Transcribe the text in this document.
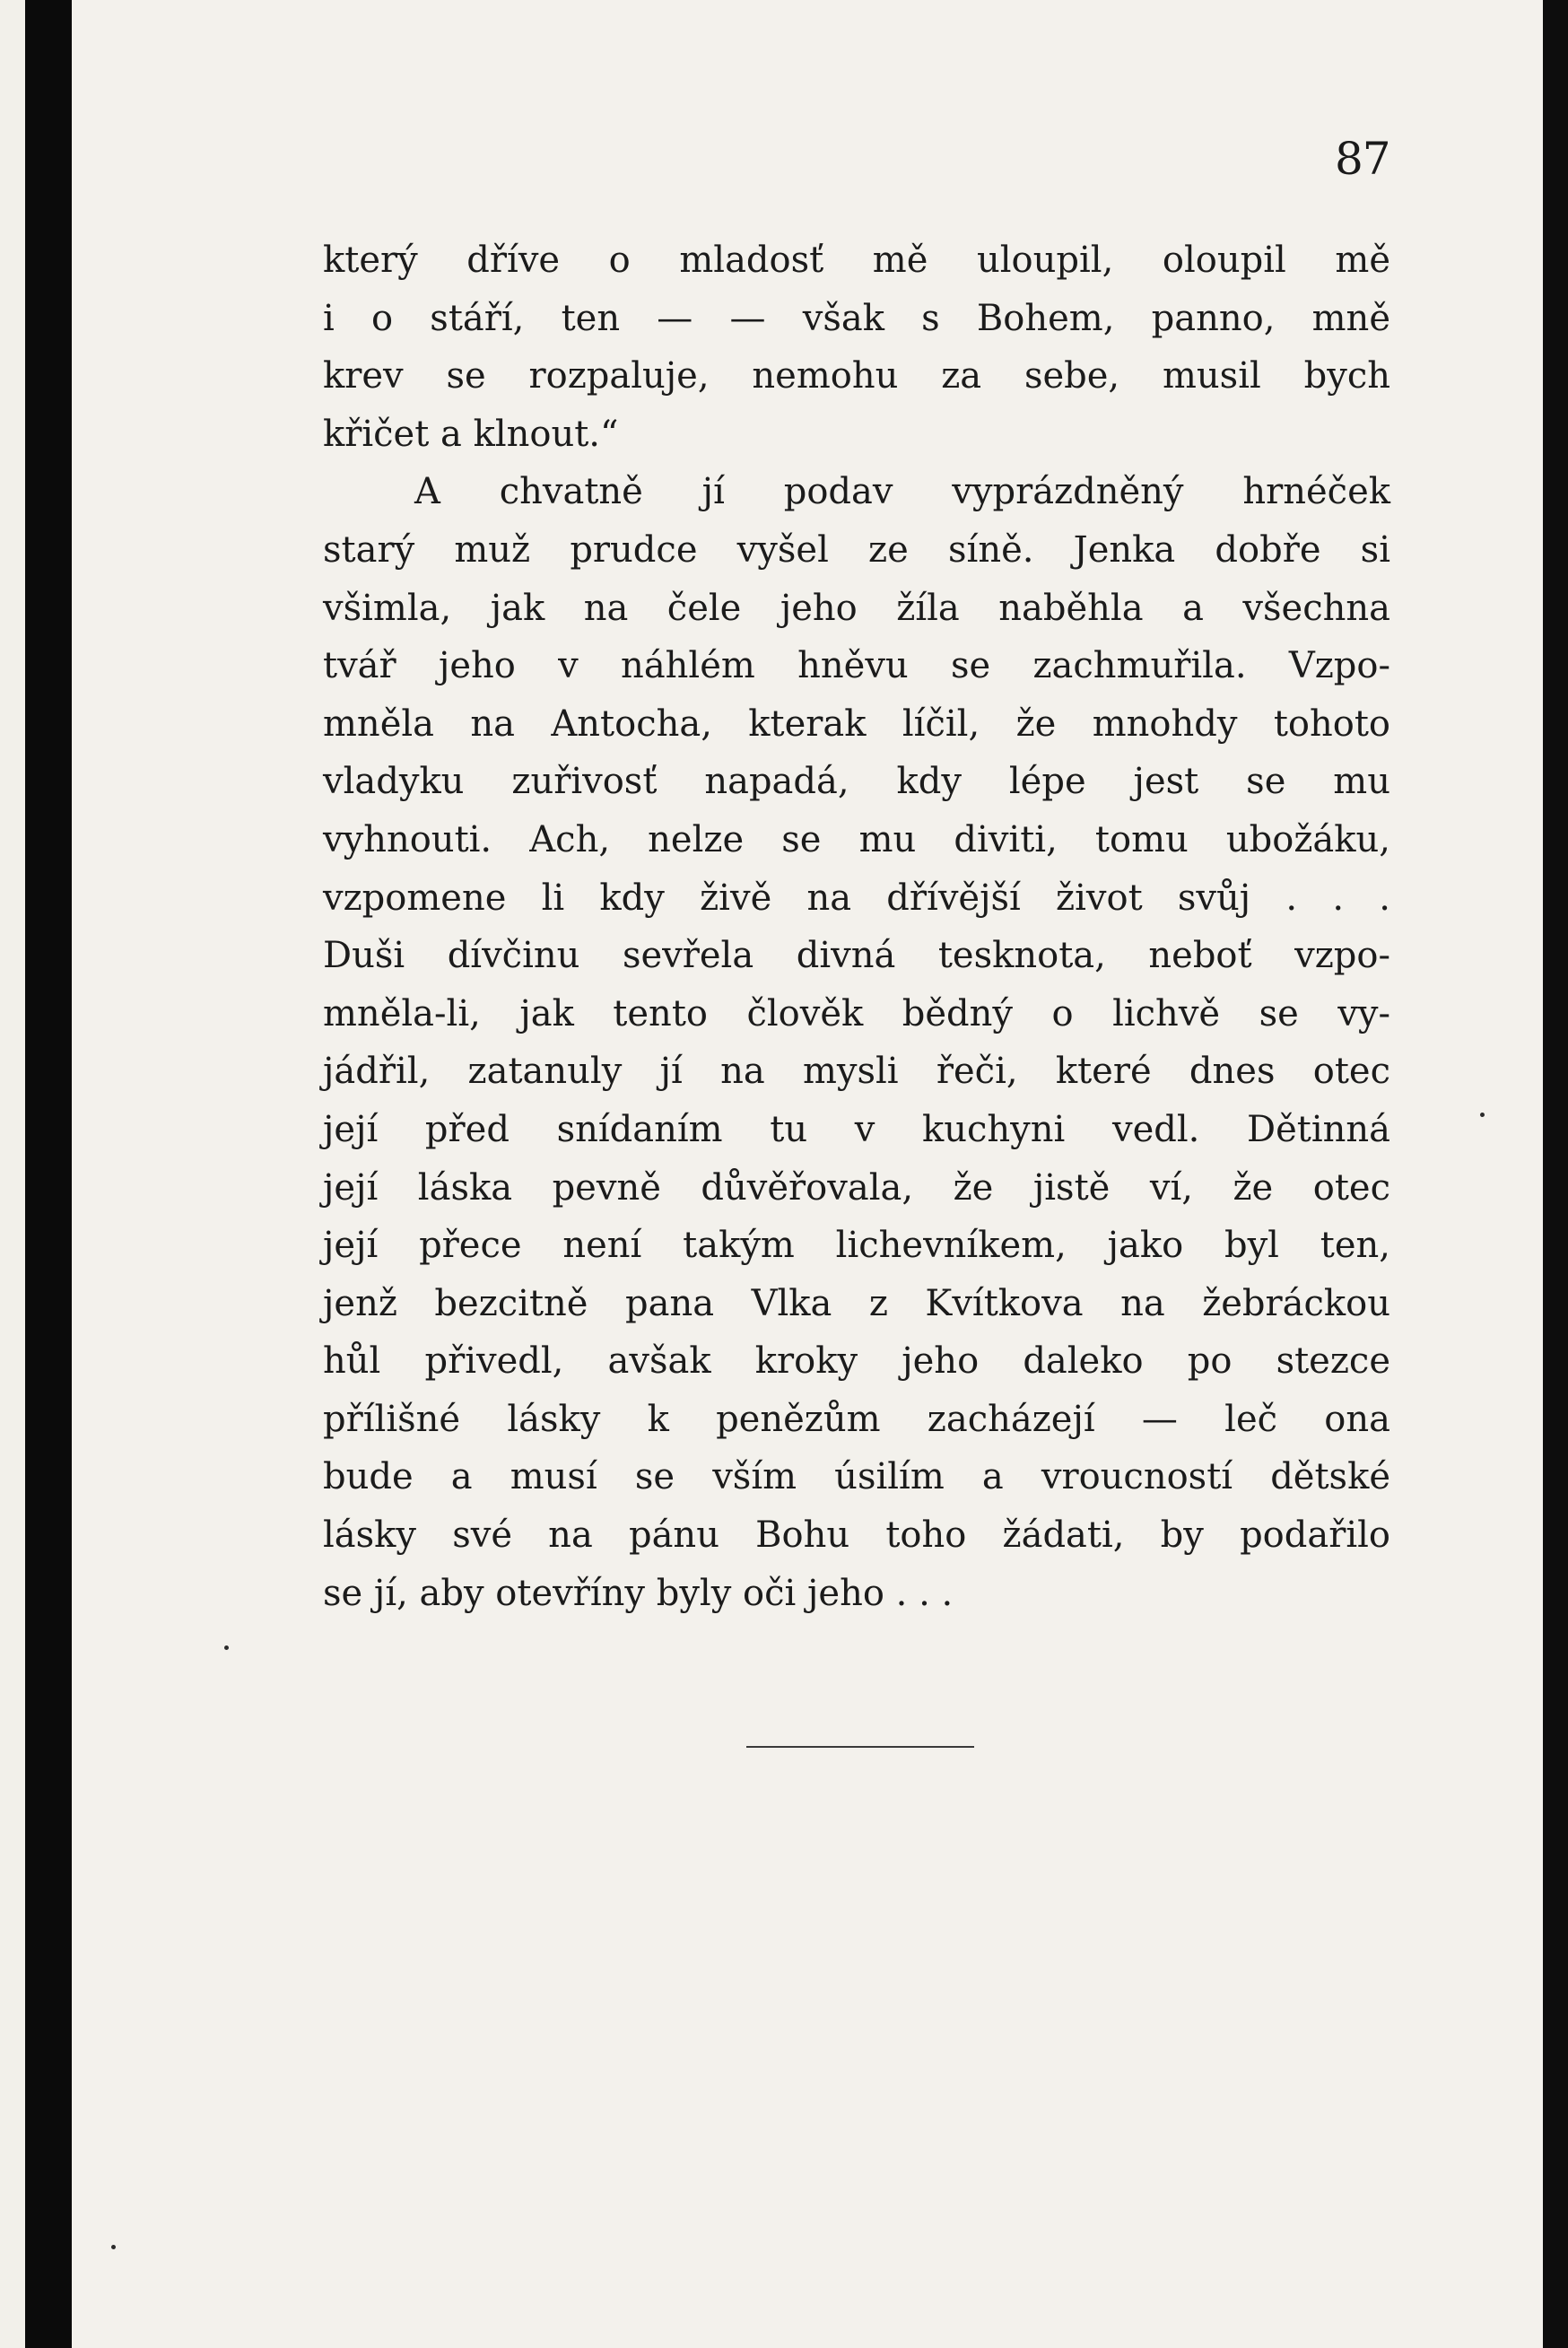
87
který dříve o mladosť mě uloupil, oloupil mě
i o stáří, ten — — však s Bohem, panno, mně
krev se rozpaluje, nemohu za sebe, musil bych
křičet a klnout.“
A chvatně jí podav vyprázdněný hrnéček
starý muž prudce vyšel ze síně. Jenka dobře si
všimla, jak na čele jeho žíla naběhla a všechna
tvář jeho v náhlém hněvu se zachmuřila. Vzpo-
mněla na Antocha, kterak líčil, že mnohdy tohoto
vladyku zuřivosť napadá, kdy lépe jest se mu
vyhnouti. Ach, nelze se mu diviti, tomu ubožáku,
vzpomene li kdy živě na dřívější život svůj . . .
Duši dívčinu sevřela divná tesknota, neboť vzpo-
mněla-li, jak tento člověk bědný o lichvě se vy-
jádřil, zatanuly jí na mysli řeči, které dnes otec
její před snídaním tu v kuchyni vedl. Dětinná
její láska pevně důvěřovala, že jistě ví, že otec
její přece není takým lichevníkem, jako byl ten,
jenž bezcitně pana Vlka z Kvítkova na žebráckou
hůl přivedl, avšak kroky jeho daleko po stezce
přílišné lásky k penězům zacházejí — leč ona
bude a musí se vším úsilím a vroucností dětské
lásky své na pánu Bohu toho žádati, by podařilo
se jí, aby otevříny byly oči jeho . . .
